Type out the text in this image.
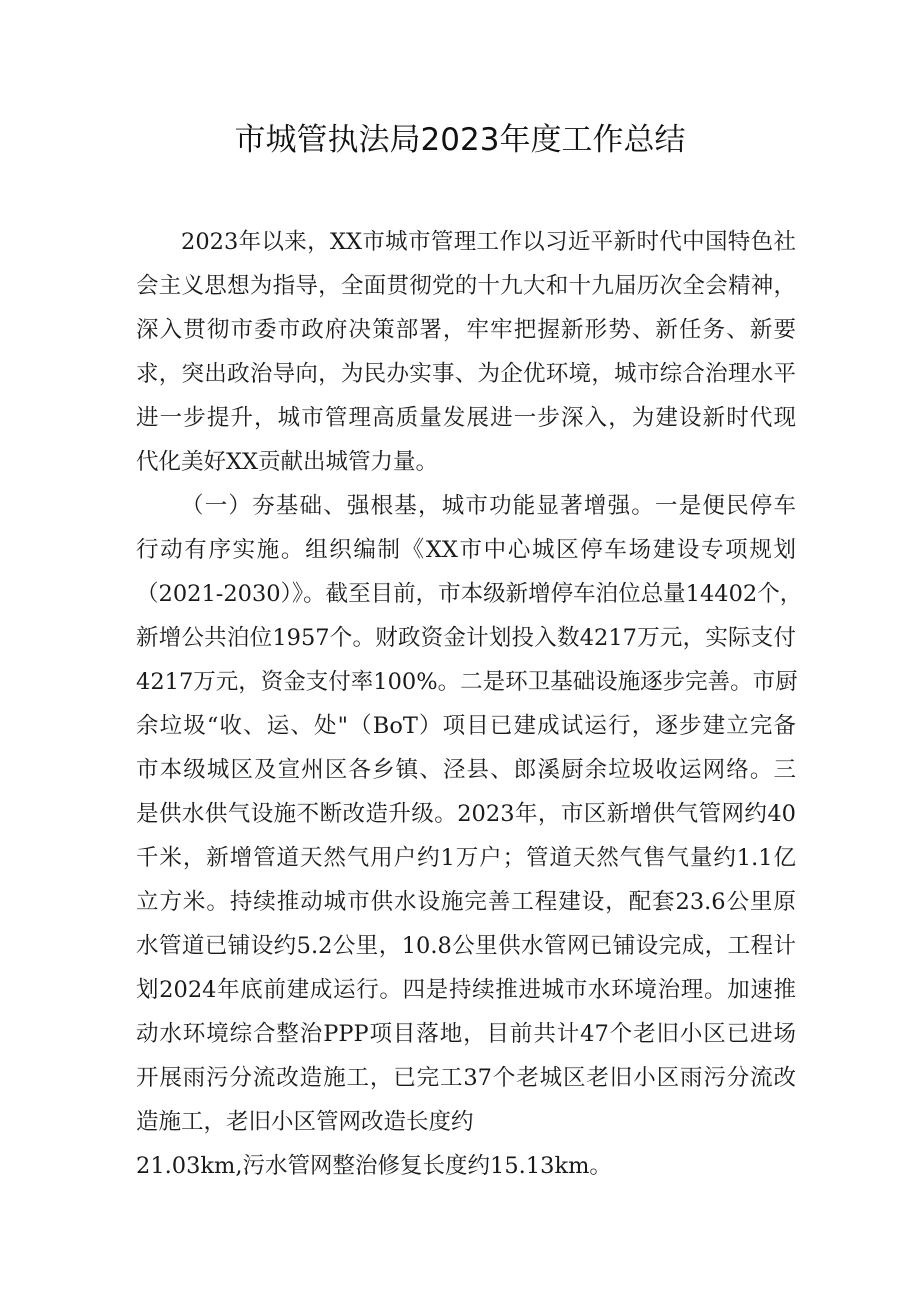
市城管执法局2023年度工作总结
2023年以来，XX市城市管理工作以习近平新时代中国特色社
会主义思想为指导，全面贯彻党的十九大和十九届历次全会精神，
深入贯彻市委市政府决策部署，牢牢把握新形势、新任务、新要
求，突出政治导向，为民办实事、为企优环境，城市综合治理水平
进一步提升，城市管理高质量发展进一步深入，为建设新时代现
代化美好XX贡献出城管力量。
（一）夯基础、强根基，城市功能显著增强。一是便民停车
行动有序实施。组织编制《XX市中心城区停车场建设专项规划
（2021-2030）》。截至目前，市本级新增停车泊位总量14402个，
新增公共泊位1957个。财政资金计划投入数4217万元，实际支付
4217万元，资金支付率100%。二是环卫基础设施逐步完善。市厨
余垃圾“收、运、处"（BoT）项目已建成试运行，逐步建立完备
市本级城区及宣州区各乡镇、泾县、郎溪厨余垃圾收运网络。三
是供水供气设施不断改造升级。2023年，市区新增供气管网约40
千米，新增管道天然气用户约1万户；管道天然气售气量约1.1亿
立方米。持续推动城市供水设施完善工程建设，配套23.6公里原
水管道已铺设约5.2公里，10.8公里供水管网已铺设完成，工程计
划2024年底前建成运行。四是持续推进城市水环境治理。加速推
动水环境综合整治PPP项目落地，目前共计47个老旧小区已进场
开展雨污分流改造施工，已完工37个老城区老旧小区雨污分流改
造施工，老旧小区管网改造长度约
21.03km,污水管网整治修复长度约15.13km。
